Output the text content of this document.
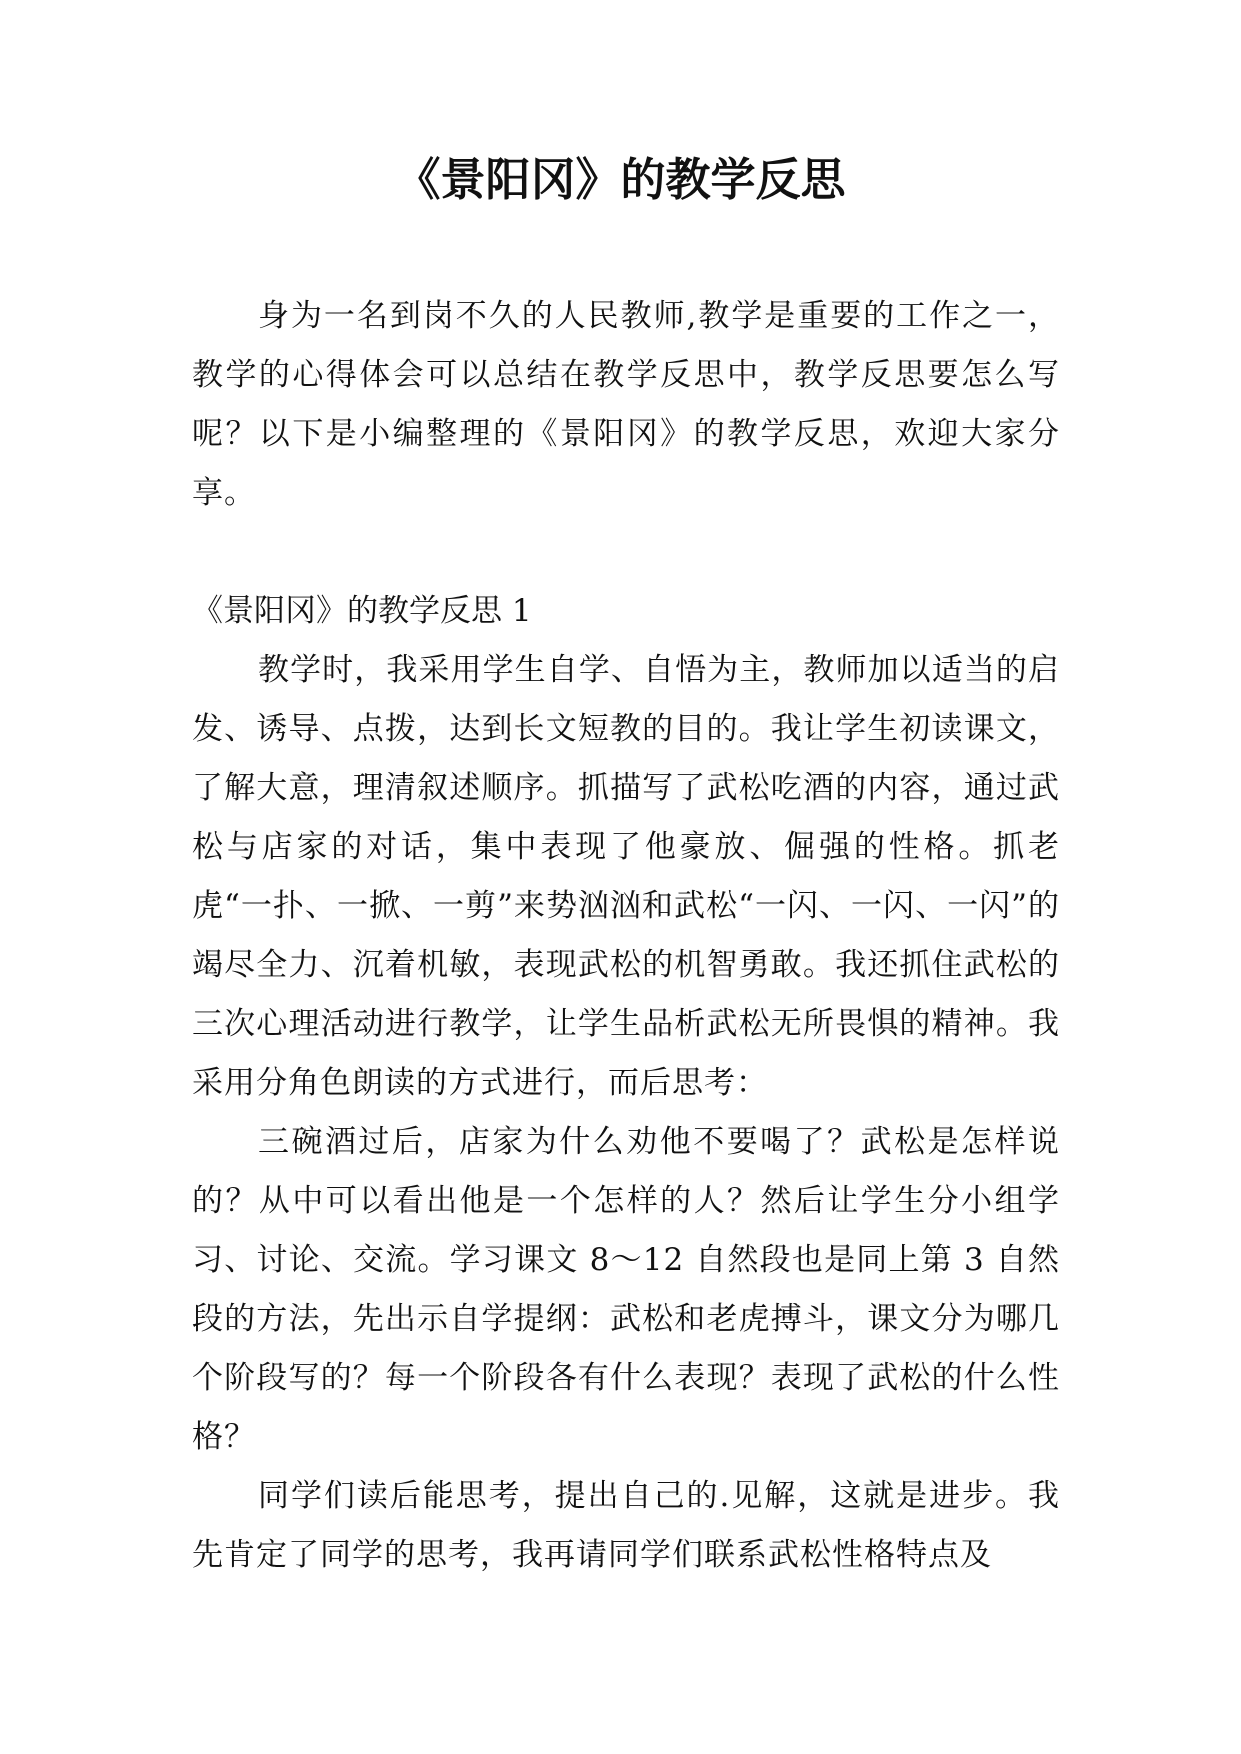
《景阳冈》的教学反思

身为一名到岗不久的人民教师,教学是重要的工作之一，教学的心得体会可以总结在教学反思中，教学反思要怎么写呢？以下是小编整理的《景阳冈》的教学反思，欢迎大家分享。

《景阳冈》的教学反思 1

教学时，我采用学生自学、自悟为主，教师加以适当的启发、诱导、点拨，达到长文短教的目的。我让学生初读课文，了解大意，理清叙述顺序。抓描写了武松吃酒的内容，通过武松与店家的对话，集中表现了他豪放、倔强的性格。抓老虎“一扑、一掀、一剪”来势汹汹和武松“一闪、一闪、一闪”的竭尽全力、沉着机敏，表现武松的机智勇敢。我还抓住武松的三次心理活动进行教学，让学生品析武松无所畏惧的精神。我采用分角色朗读的方式进行，而后思考：

三碗酒过后，店家为什么劝他不要喝了？武松是怎样说的？从中可以看出他是一个怎样的人？然后让学生分小组学习、讨论、交流。学习课文 8～12 自然段也是同上第 3 自然段的方法，先出示自学提纲：武松和老虎搏斗，课文分为哪几个阶段写的？每一个阶段各有什么表现？表现了武松的什么性格？

同学们读后能思考，提出自己的.见解，这就是进步。我先肯定了同学的思考，我再请同学们联系武松性格特点及
